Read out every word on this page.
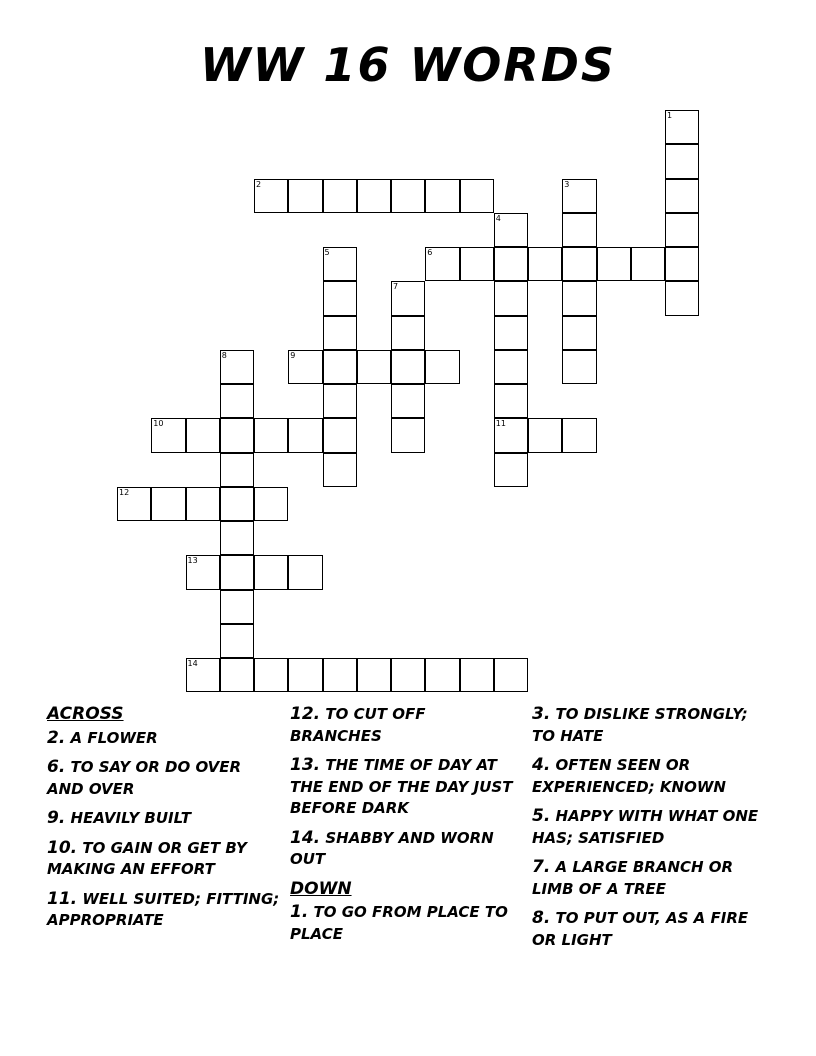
WW 16 WORDS
1
2	3
4
11
5	6
7
8	9
10
12
13
14
ACROSS
2. A FLOWER
6. TO SAY OR DO OVER AND OVER
9. HEAVILY BUILT
10. TO GAIN OR GET BY MAKING AN EFFORT
11. WELL SUITED; FITTING; APPROPRIATE
12. TO CUT OFF BRANCHES
13. THE TIME OF DAY AT THE END OF THE DAY JUST BEFORE DARK
14. SHABBY AND WORN OUT
DOWN
1. TO GO FROM PLACE TO PLACE
3. TO DISLIKE STRONGLY; TO HATE
4. OFTEN SEEN OR EXPERIENCED; KNOWN
5. HAPPY WITH WHAT ONE HAS; SATISFIED
7. A LARGE BRANCH OR LIMB OF A TREE
8. TO PUT OUT, AS A FIRE OR LIGHT
